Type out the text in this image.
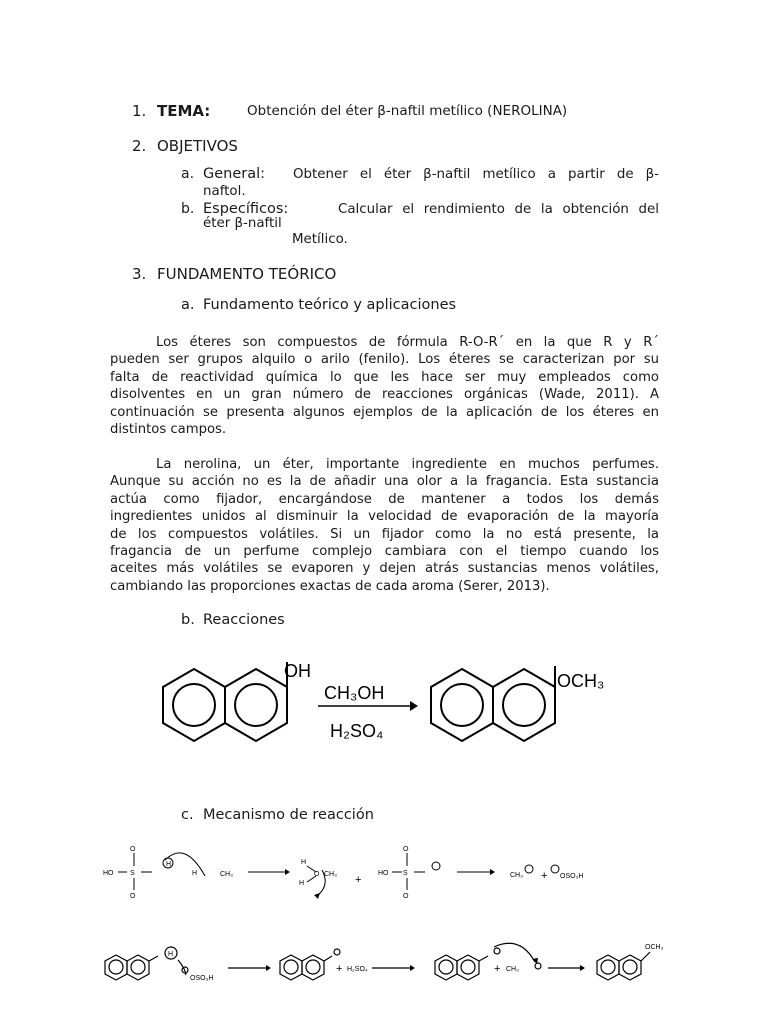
1. TEMA:	Obtención del éter β-naftil metílico (NEROLINA)
2. OBJETIVOS
a. General: Obtener el éter β-naftil metílico a partir de β-
naftol.
b. Específicos:	Calcular el rendimiento de la obtención del
éter β-naftil
Metílico.
3. FUNDAMENTO TEÓRICO
a. Fundamento teórico y aplicaciones
Los éteres son compuestos de fórmula R-O-R´ en la que R y R´
pueden ser grupos alquilo o arilo (fenilo). Los éteres se caracterizan por su
falta de reactividad química lo que les hace ser muy empleados como
disolventes en un gran número de reacciones orgánicas (Wade, 2011). A
continuación se presenta algunos ejemplos de la aplicación de los éteres en
distintos campos.
La nerolina, un éter, importante ingrediente en muchos perfumes.
Aunque su acción no es la de añadir una olor a la fragancia. Esta sustancia
actúa como fijador, encargándose de mantener a todos los demás
ingredientes unidos al disminuir la velocidad de evaporación de la mayoría
de los compuestos volátiles. Si un fijador como la no está presente, la
fragancia de un perfume complejo cambiara con el tiempo cuando los
aceites más volátiles se evaporen y dejen atrás sustancias menos volátiles,
cambiando las proporciones exactas de cada aroma (Serer, 2013).
b. Reacciones
OH
CH₃OH
H₂SO₄
OCH₃
c. Mecanismo de reacción
HO
O
S
O
H
H	CH₃
H
H
O CH₃ +
HO
O
S
O
CH₃ + OSO₃H
H
OSO₃H
+ H₂SO₄	+ CH₃
OCH₃
